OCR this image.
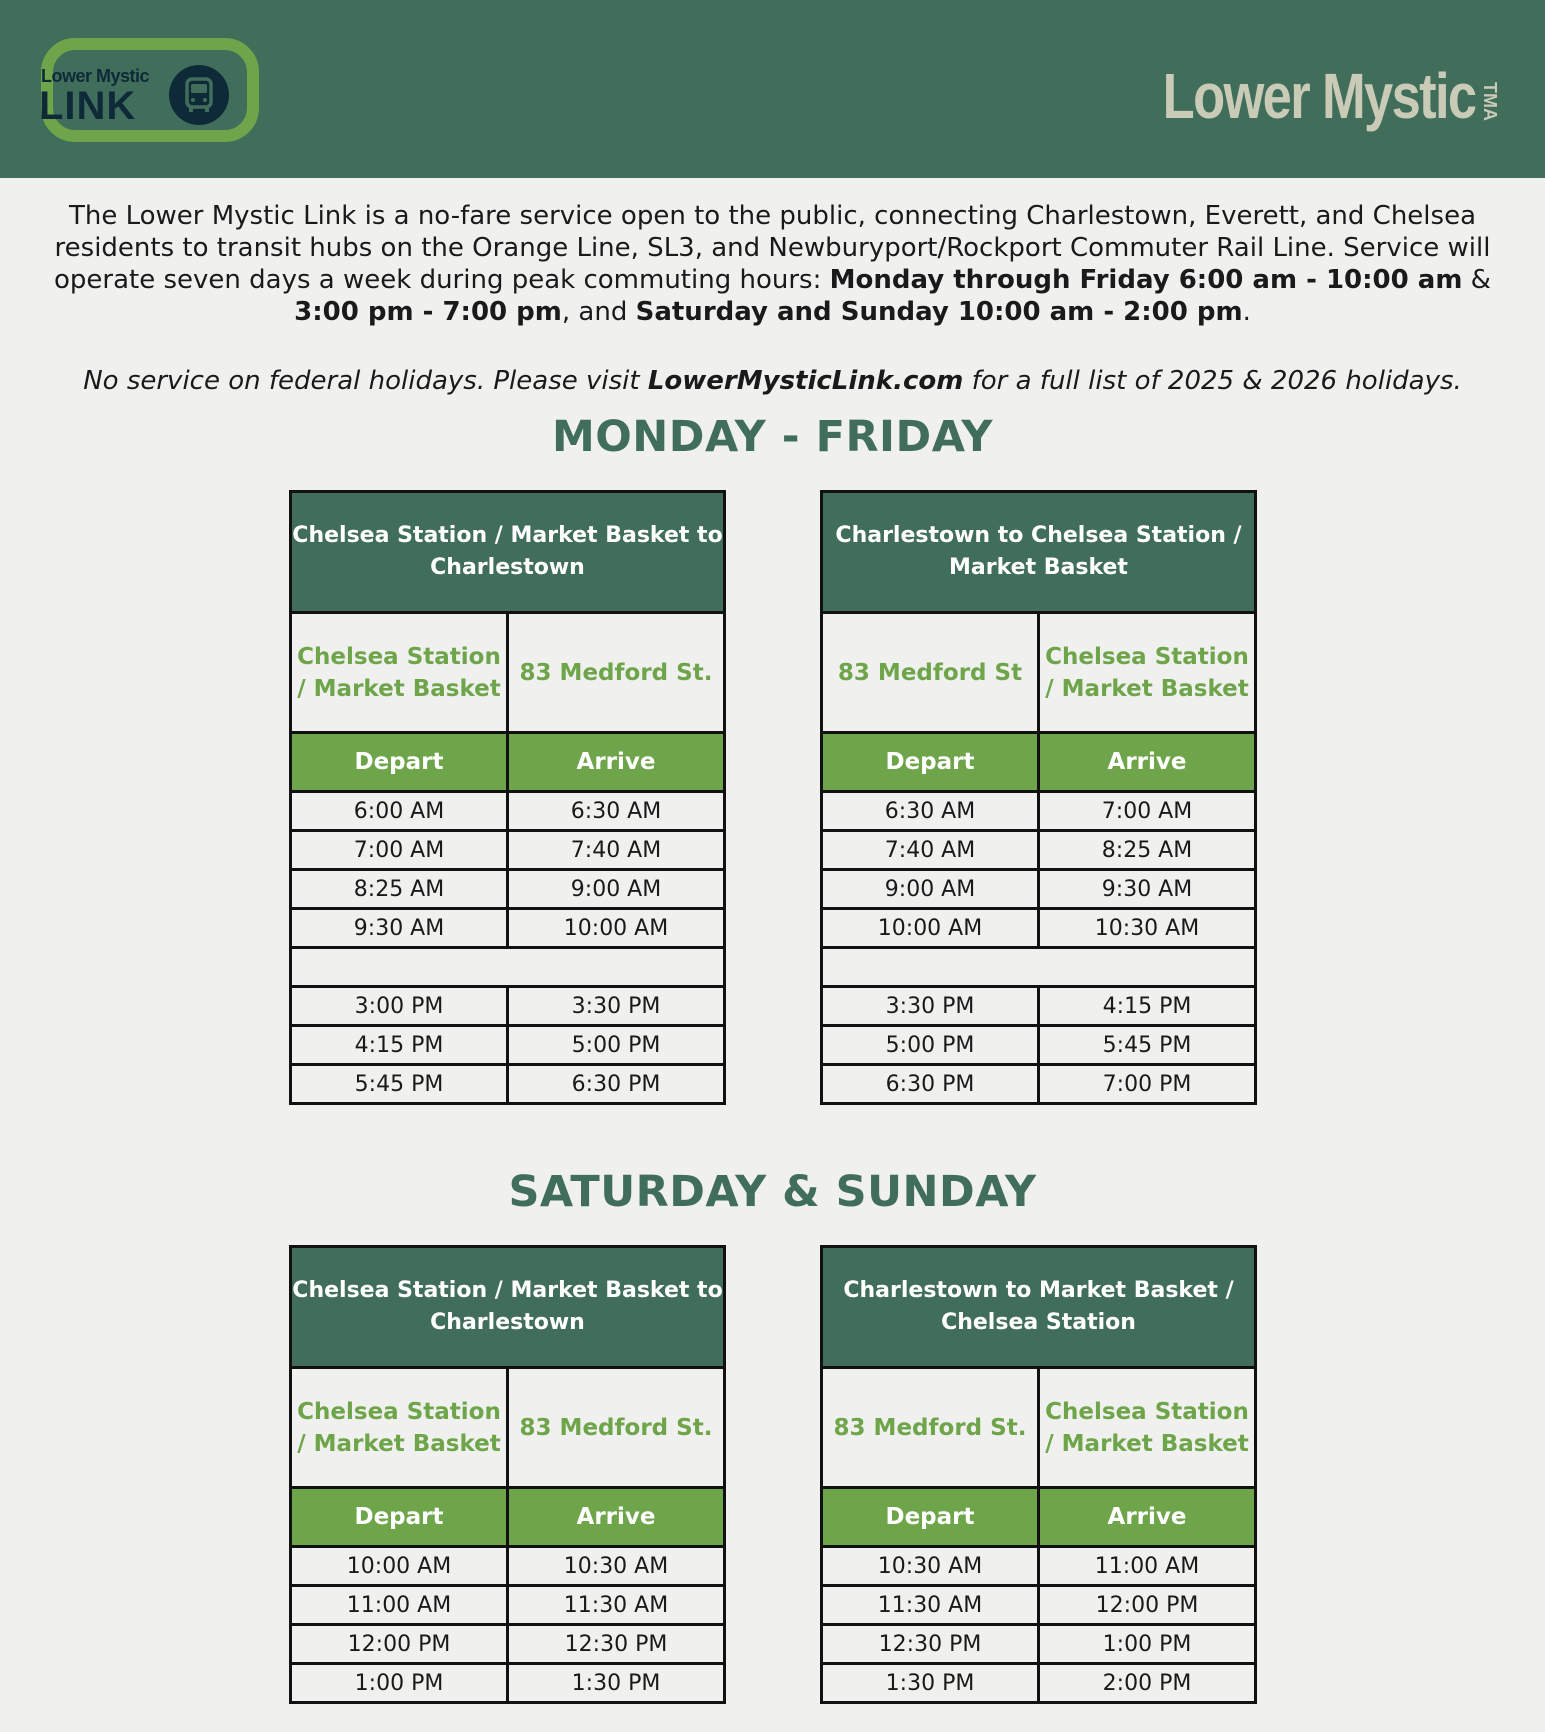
Lower Mystic
LINK	Lower Mystic TMA
The Lower Mystic Link is a no-fare service open to the public, connecting Charlestown, Everett, and Chelsea residents to transit hubs on the Orange Line, SL3, and Newburyport/Rockport Commuter Rail Line. Service will operate seven days a week during peak commuting hours: Monday through Friday 6:00 am - 10:00 am & 3:00 pm - 7:00 pm, and Saturday and Sunday 10:00 am - 2:00 pm.
No service on federal holidays. Please visit LowerMysticLink.com for a full list of 2025 & 2026 holidays.
MONDAY - FRIDAY
SATURDAY & SUNDAY
Chelsea Station / Market Basket to Charlestown	
Chelsea Station / Market Basket	83 Medford St.
Depart	Arrive
6:00 AM	6:30 AM
7:00 AM	7:40 AM
8:25 AM	9:00 AM
9:30 AM	10:00 AM

3:00 PM	3:30 PM
4:15 PM	5:00 PM
5:45 PM	6:30 PM
Charlestown to Chelsea Station / Market Basket	
83 Medford St	Chelsea Station / Market Basket
Depart	Arrive
6:30 AM	7:00 AM
7:40 AM	8:25 AM
9:00 AM	9:30 AM
10:00 AM	10:30 AM

3:30 PM	4:15 PM
5:00 PM	5:45 PM
6:30 PM	7:00 PM
Chelsea Station / Market Basket to Charlestown	
Chelsea Station / Market Basket	83 Medford St.
Depart	Arrive
10:00 AM	10:30 AM
11:00 AM	11:30 AM
12:00 PM	12:30 PM
1:00 PM	1:30 PM
Charlestown to Market Basket / Chelsea Station	
83 Medford St.	Chelsea Station / Market Basket
Depart	Arrive
10:30 AM	11:00 AM
11:30 AM	12:00 PM
12:30 PM	1:00 PM
1:30 PM	2:00 PM
